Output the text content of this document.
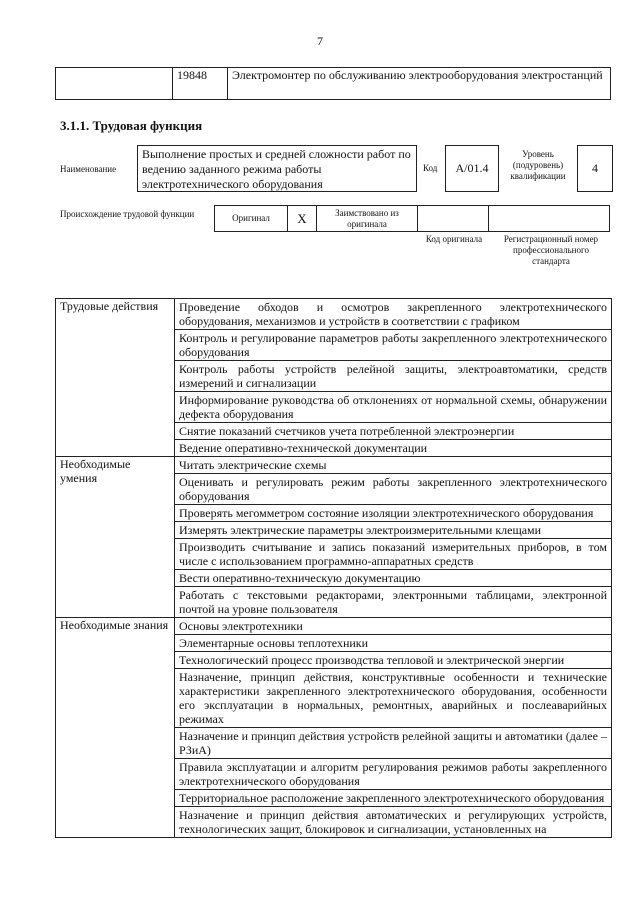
7
	19848	Электромонтер по обслуживанию электрооборудования электростанций
3.1.1. Трудовая функция
Наименование
Выполнение простых и средней сложности работ по ведению заданного режима работы электротехнического оборудования
Код	А/01.4
Уровень (подуровень) квалификации
4
Происхождение трудовой функции	Оригинал	X	Заимствовано из оригинала
Код оригинала	Регистрационный номер профессионального стандарта
Трудовые действия	Проведение обходов и осмотров закрепленного электротехнического оборудования, механизмов и устройств в соответствии с графиком
	Контроль и регулирование параметров работы закрепленного электротехнического оборудования
	Контроль работы устройств релейной защиты, электроавтоматики, средств измерений и сигнализации
	Информирование руководства об отклонениях от нормальной схемы, обнаружении дефекта оборудования
	Снятие показаний счетчиков учета потребленной электроэнергии
	Ведение оперативно-технической документации
Необходимые умения	Читать электрические схемы
	Оценивать и регулировать режим работы закрепленного электротехнического оборудования
	Проверять мегомметром состояние изоляции электротехнического оборудования
	Измерять электрические параметры электроизмерительными клещами
	Производить считывание и запись показаний измерительных приборов, в том числе с использованием программно-аппаратных средств
	Вести оперативно-техническую документацию
	Работать с текстовыми редакторами, электронными таблицами, электронной почтой на уровне пользователя
Необходимые знания	Основы электротехники
	Элементарные основы теплотехники
	Технологический процесс производства тепловой и электрической энергии
	Назначение, принцип действия, конструктивные особенности и технические характеристики закрепленного электротехнического оборудования, особенности его эксплуатации в нормальных, ремонтных, аварийных и послеаварийных режимах
	Назначение и принцип действия устройств релейной защиты и автоматики (далее – РЗиА)
	Правила эксплуатации и алгоритм регулирования режимов работы закрепленного электротехнического оборудования
	Территориальное расположение закрепленного электротехнического оборудования
	Назначение и принцип действия автоматических и регулирующих устройств, технологических защит, блокировок и сигнализации, установленных на
